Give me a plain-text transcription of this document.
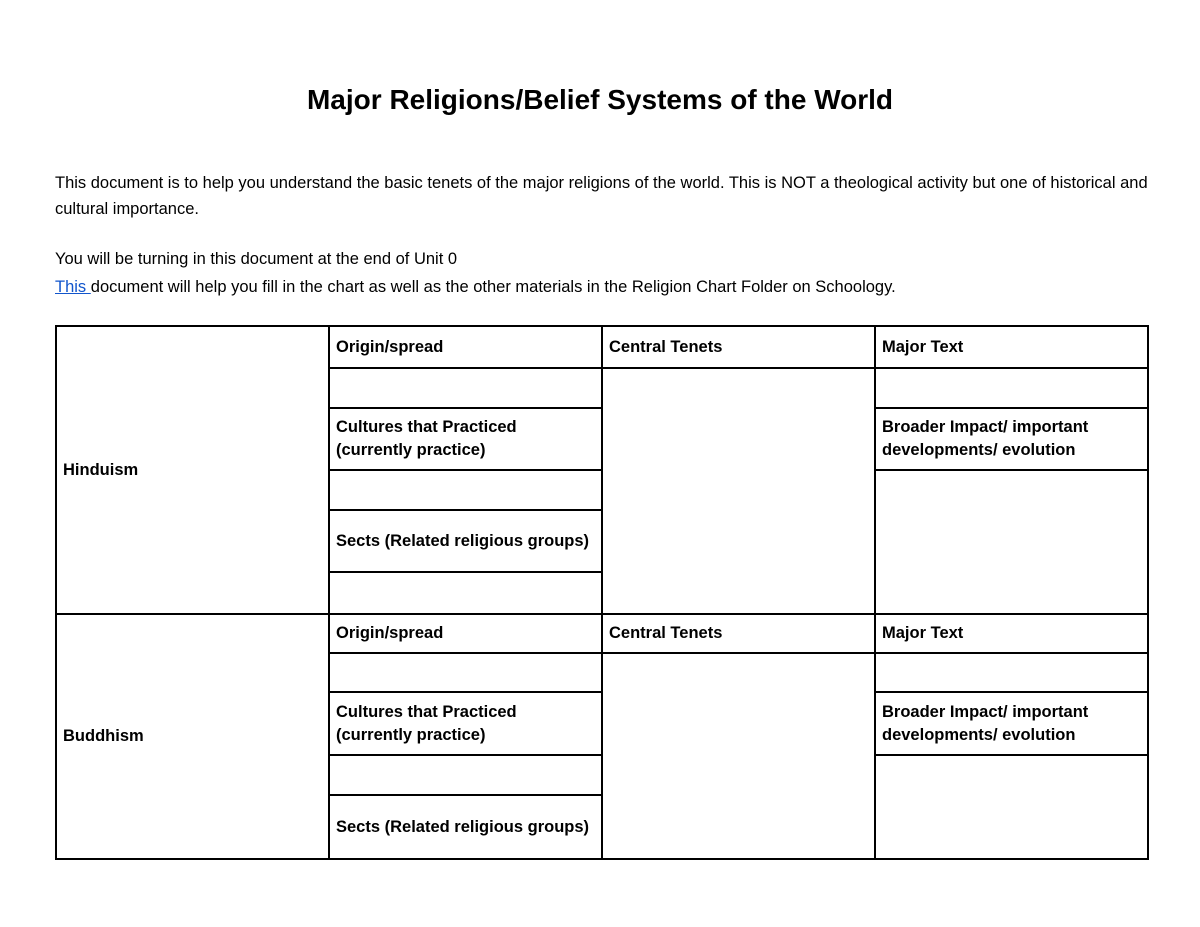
Major Religions/Belief Systems of the World

This document is to help you understand the basic tenets of the major religions of the world. This is NOT a theological activity but one of historical and cultural importance.

You will be turning in this document at the end of Unit 0

This document will help you fill in the chart as well as the other materials in the Religion Chart Folder on Schoology.

Hinduism	Origin/spread	Central Tenets	Major Text

	Cultures that Practiced (currently practice)		Broader Impact/ important developments/ evolution

	Sects (Related religious groups)		

Buddhism	Origin/spread	Central Tenets	Major Text

	Cultures that Practiced (currently practice)		Broader Impact/ important developments/ evolution

	Sects (Related religious groups)		
